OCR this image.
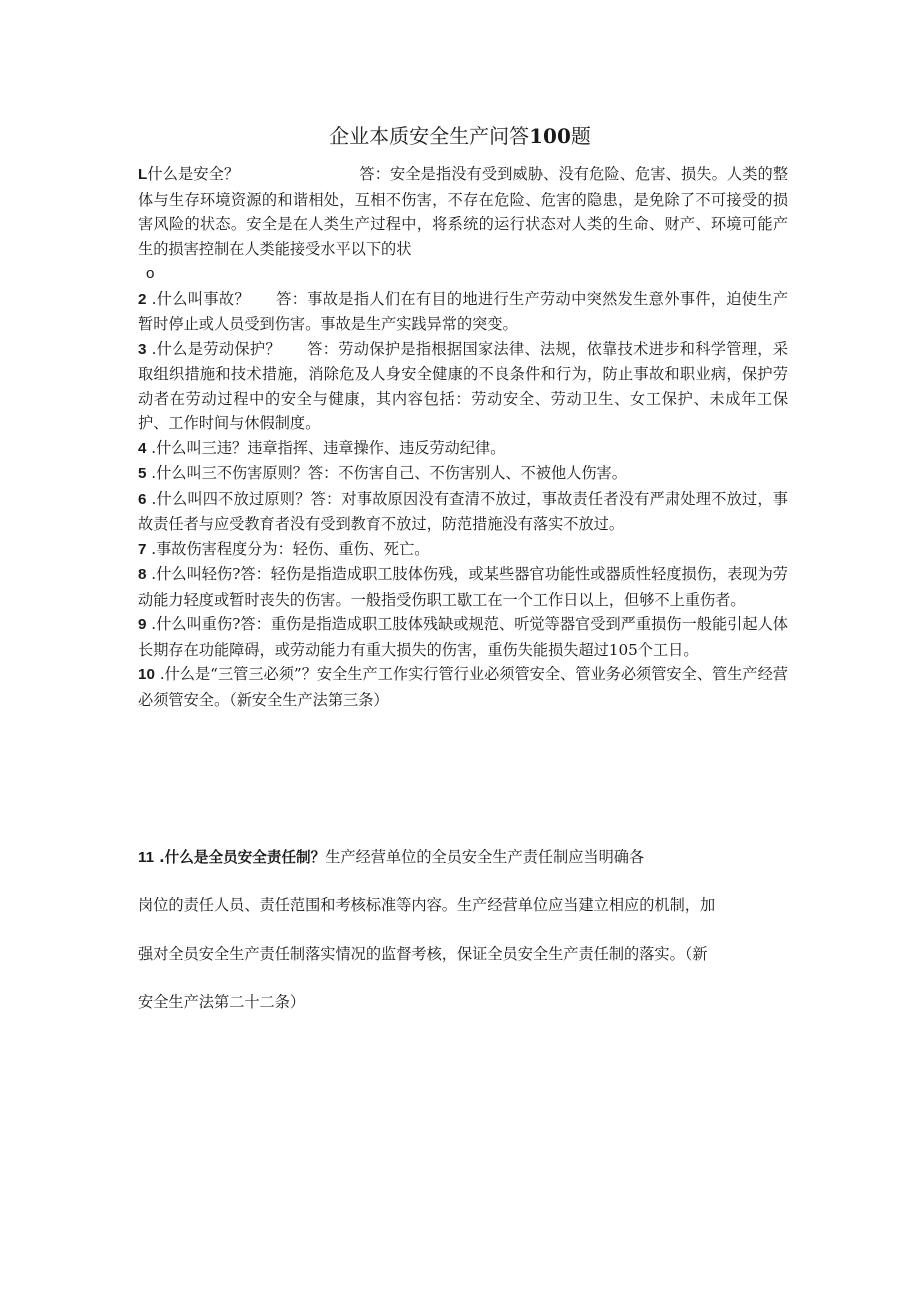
企业本质安全生产问答100题

L什么是安全？	答：安全是指没有受到威胁、没有危险、危害、损失。人类的整体与生存环境资源的和谐相处，互相不伤害，不存在危险、危害的隐患，是免除了不可接受的损害风险的状态。安全是在人类生产过程中，将系统的运行状态对人类的生命、财产、环境可能产生的损害控制在人类能接受水平以下的状

o

2 .什么叫事故？ 答：事故是指人们在有目的地进行生产劳动中突然发生意外事件，迫使生产暂时停止或人员受到伤害。事故是生产实践异常的突变。

3 .什么是劳动保护？ 答：劳动保护是指根据国家法律、法规，依靠技术进步和科学管理，采取组织措施和技术措施，消除危及人身安全健康的不良条件和行为，防止事故和职业病，保护劳动者在劳动过程中的安全与健康，其内容包括：劳动安全、劳动卫生、女工保护、未成年工保护、工作时间与休假制度。

4 .什么叫三违？违章指挥、违章操作、违反劳动纪律。

5 .什么叫三不伤害原则？答：不伤害自己、不伤害别人、不被他人伤害。

6 .什么叫四不放过原则？答：对事故原因没有查清不放过，事故责任者没有严肃处理不放过，事故责任者与应受教育者没有受到教育不放过，防范措施没有落实不放过。

7 .事故伤害程度分为：轻伤、重伤、死亡。

8 .什么叫轻伤?答：轻伤是指造成职工肢体伤残，或某些器官功能性或器质性轻度损伤，表现为劳动能力轻度或暂时丧失的伤害。一般指受伤职工歇工在一个工作日以上，但够不上重伤者。

9 .什么叫重伤?答：重伤是指造成职工肢体残缺或规范、听觉等器官受到严重损伤一般能引起人体长期存在功能障碍，或劳动能力有重大损失的伤害，重伤失能损失超过105个工日。

10 .什么是“三管三必须”？安全生产工作实行管行业必须管安全、管业务必须管安全、管生产经营必须管安全。（新安全生产法第三条）

11 .什么是全员安全责任制？生产经营单位的全员安全生产责任制应当明确各

岗位的责任人员、责任范围和考核标准等内容。生产经营单位应当建立相应的机制，加

强对全员安全生产责任制落实情况的监督考核，保证全员安全生产责任制的落实。（新

安全生产法第二十二条）
